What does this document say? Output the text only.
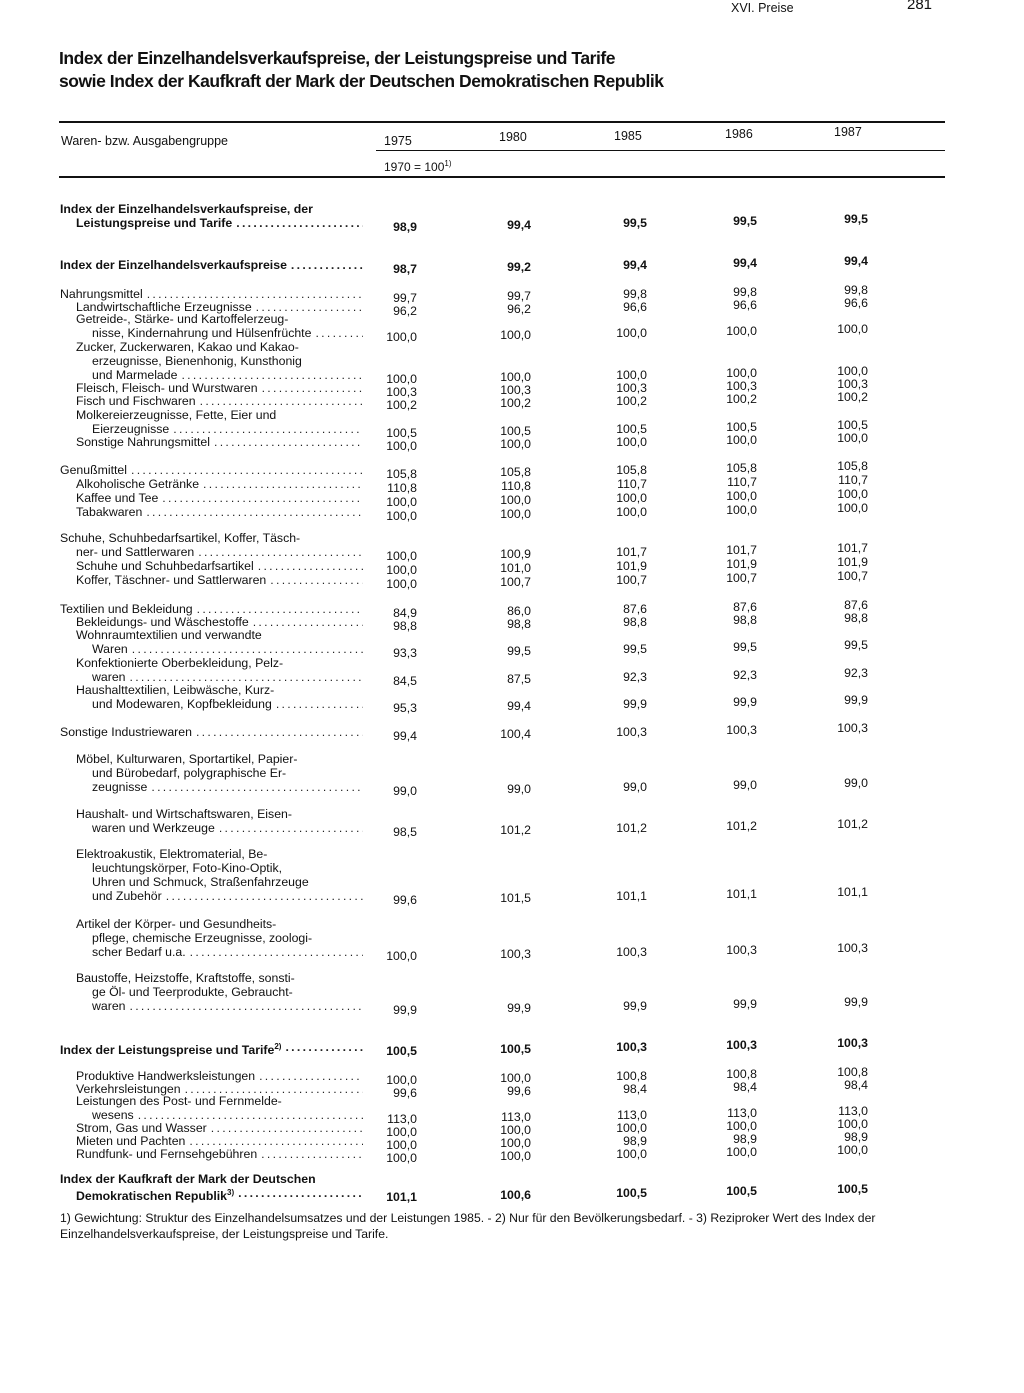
XVI. Preise	281
Index der Einzelhandelsverkaufspreise, der Leistungspreise und Tarife
sowie Index der Kaufkraft der Mark der Deutschen Demokratischen Republik
Waren- bzw. Ausgabengruppe	1975	1980	1985	1986	1987
$1970 = 100^{1)}$
Index der Einzelhandelsverkaufspreise, der
Leistungspreise und Tarife .....	98,9	99,4	99,5	99,5	99,5
Index der Einzelhandelsverkaufspreise .....	98,7	99,2	99,4	99,4	99,4
Nahrungsmittel .....	99,7	99,7	99,8	99,8	99,8
Landwirtschaftliche Erzeugnisse .....	96,2	96,2	96,6	96,6	96,6
Getreide-, Stärke- und Kartoffelerzeug-
nisse, Kindernahrung und Hülsenfrüchte .....	100,0	100,0	100,0	100,0	100,0
Zucker, Zuckerwaren, Kakao und Kakao-
erzeugnisse, Bienenhonig, Kunsthonig
und Marmelade .....	100,0	100,0	100,0	100,0	100,0
Fleisch, Fleisch- und Wurstwaren .....	100,3	100,3	100,3	100,3	100,3
Fisch und Fischwaren .....	100,2	100,2	100,2	100,2	100,2
Molkereierzeugnisse, Fette, Eier und
Eierzeugnisse .....	100,5	100,5	100,5	100,5	100,5
Sonstige Nahrungsmittel .....	100,0	100,0	100,0	100,0	100,0
Genußmittel .....	105,8	105,8	105,8	105,8	105,8
Alkoholische Getränke .....	110,8	110,8	110,7	110,7	110,7
Kaffee und Tee .....	100,0	100,0	100,0	100,0	100,0
Tabakwaren .....	100,0	100,0	100,0	100,0	100,0
Schuhe, Schuhbedarfsartikel, Koffer, Täsch-
ner- und Sattlerwaren .....	100,0	100,9	101,7	101,7	101,7
Schuhe und Schuhbedarfsartikel .....	100,0	101,0	101,9	101,9	101,9
Koffer, Täschner- und Sattlerwaren .....	100,0	100,7	100,7	100,7	100,7
Textilien und Bekleidung .....	84,9	86,0	87,6	87,6	87,6
Bekleidungs- und Wäschestoffe .....	98,8	98,8	98,8	98,8	98,8
Wohnraumtextilien und verwandte
Waren .....	93,3	99,5	99,5	99,5	99,5
Konfektionierte Oberbekleidung, Pelz-
waren .....	84,5	87,5	92,3	92,3	92,3
Haushalttextilien, Leibwäsche, Kurz-
und Modewaren, Kopfbekleidung .....	95,3	99,4	99,9	99,9	99,9
Sonstige Industriewaren .....	99,4	100,4	100,3	100,3	100,3
Möbel, Kulturwaren, Sportartikel, Papier-
und Bürobedarf, polygraphische Er-
zeugnisse .....	99,0	99,0	99,0	99,0	99,0
Haushalt- und Wirtschaftswaren, Eisen-
waren und Werkzeuge .....	98,5	101,2	101,2	101,2	101,2
Elektroakustik, Elektromaterial, Be-
leuchtungskörper, Foto-Kino-Optik,
Uhren und Schmuck, Straßenfahrzeuge
und Zubehör .....	99,6	101,5	101,1	101,1	101,1
Artikel der Körper- und Gesundheits-
pflege, chemische Erzeugnisse, zoologi-
scher Bedarf u.a. .....	100,0	100,3	100,3	100,3	100,3
Baustoffe, Heizstoffe, Kraftstoffe, sonsti-
ge Öl- und Teerprodukte, Gebraucht-
waren .....	99,9	99,9	99,9	99,9	99,9
Index der Leistungspreise und Tarife$^{2)}$ .....	100,5	100,5	100,3	100,3	100,3
Produktive Handwerksleistungen .....	100,0	100,0	100,8	100,8	100,8
Verkehrsleistungen .....	99,6	99,6	98,4	98,4	98,4
Leistungen des Post- und Fernmelde-
wesens .....	113,0	113,0	113,0	113,0	113,0
Strom, Gas und Wasser .....	100,0	100,0	100,0	100,0	100,0
Mieten und Pachten .....	100,0	100,0	98,9	98,9	98,9
Rundfunk- und Fernsehgebühren .....	100,0	100,0	100,0	100,0	100,0
Index der Kaufkraft der Mark der Deutschen
Demokratischen Republik$^{3)}$ .....	101,1	100,6	100,5	100,5	100,5
1) Gewichtung: Struktur des Einzelhandelsumsatzes und der Leistungen 1985. - 2) Nur für den Bevölkerungsbedarf. - 3) Reziproker Wert des Index der Einzelhandelsverkaufspreise, der Leistungspreise und Tarife.
